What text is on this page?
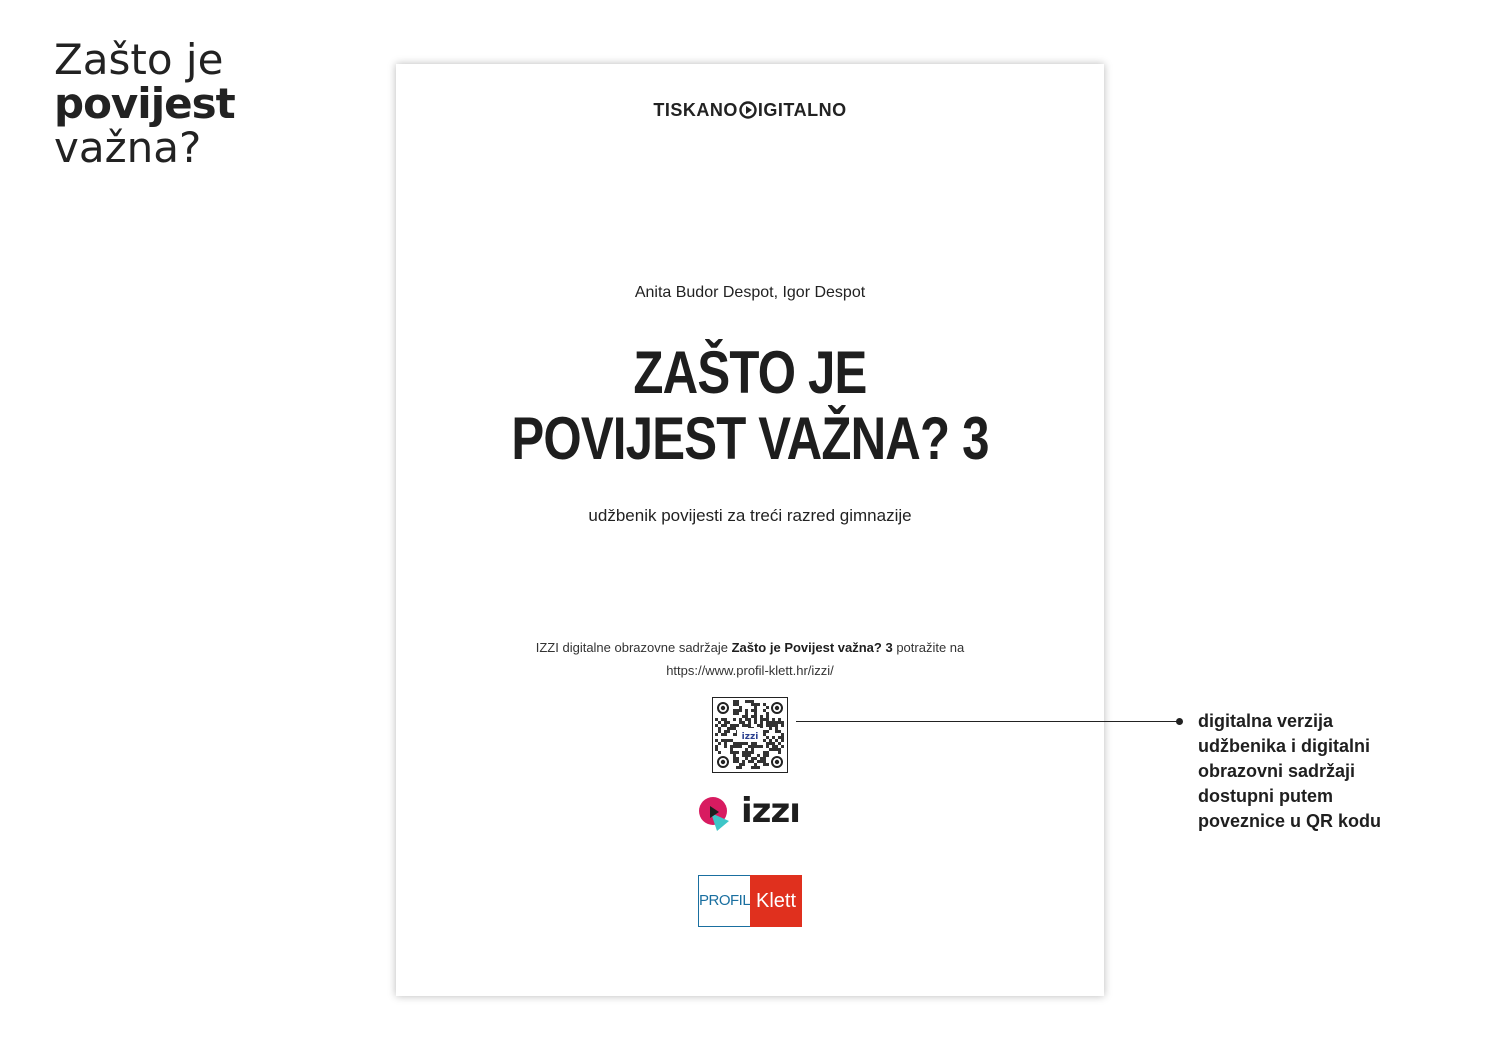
Zašto je
povijest
važna?
TISKANO IGITALNO
Anita Budor Despot, Igor Despot
ZAŠTO JE
POVIJEST VAŽNA? 3
udžbenik povijesti za treći razred gimnazije
IZZI digitalne obrazovne sadržaje Zašto je Povijest važna? 3 potražite na
https://www.profil-klett.hr/izzi/
izzi
izzı
PROFIL Klett
digitalna verzija
udžbenika i digitalni
obrazovni sadržaji
dostupni putem
poveznice u QR kodu
